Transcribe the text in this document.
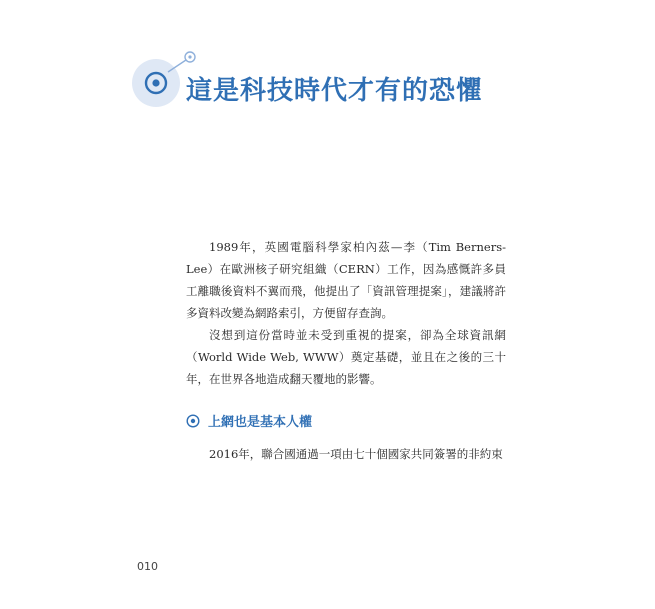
這是科技時代才有的恐懼

1989年，英國電腦科學家柏內茲—李（Tim Berners-Lee）在歐洲核子研究組織（CERN）工作，因為感慨許多員工離職後資料不翼而飛，他提出了「資訊管理提案」，建議將許多資料改變為網路索引，方便留存查詢。

沒想到這份當時並未受到重視的提案，卻為全球資訊網（World Wide Web, WWW）奠定基礎，並且在之後的三十年，在世界各地造成翻天覆地的影響。

上網也是基本人權

2016年，聯合國通過一項由七十個國家共同簽署的非約束

010
